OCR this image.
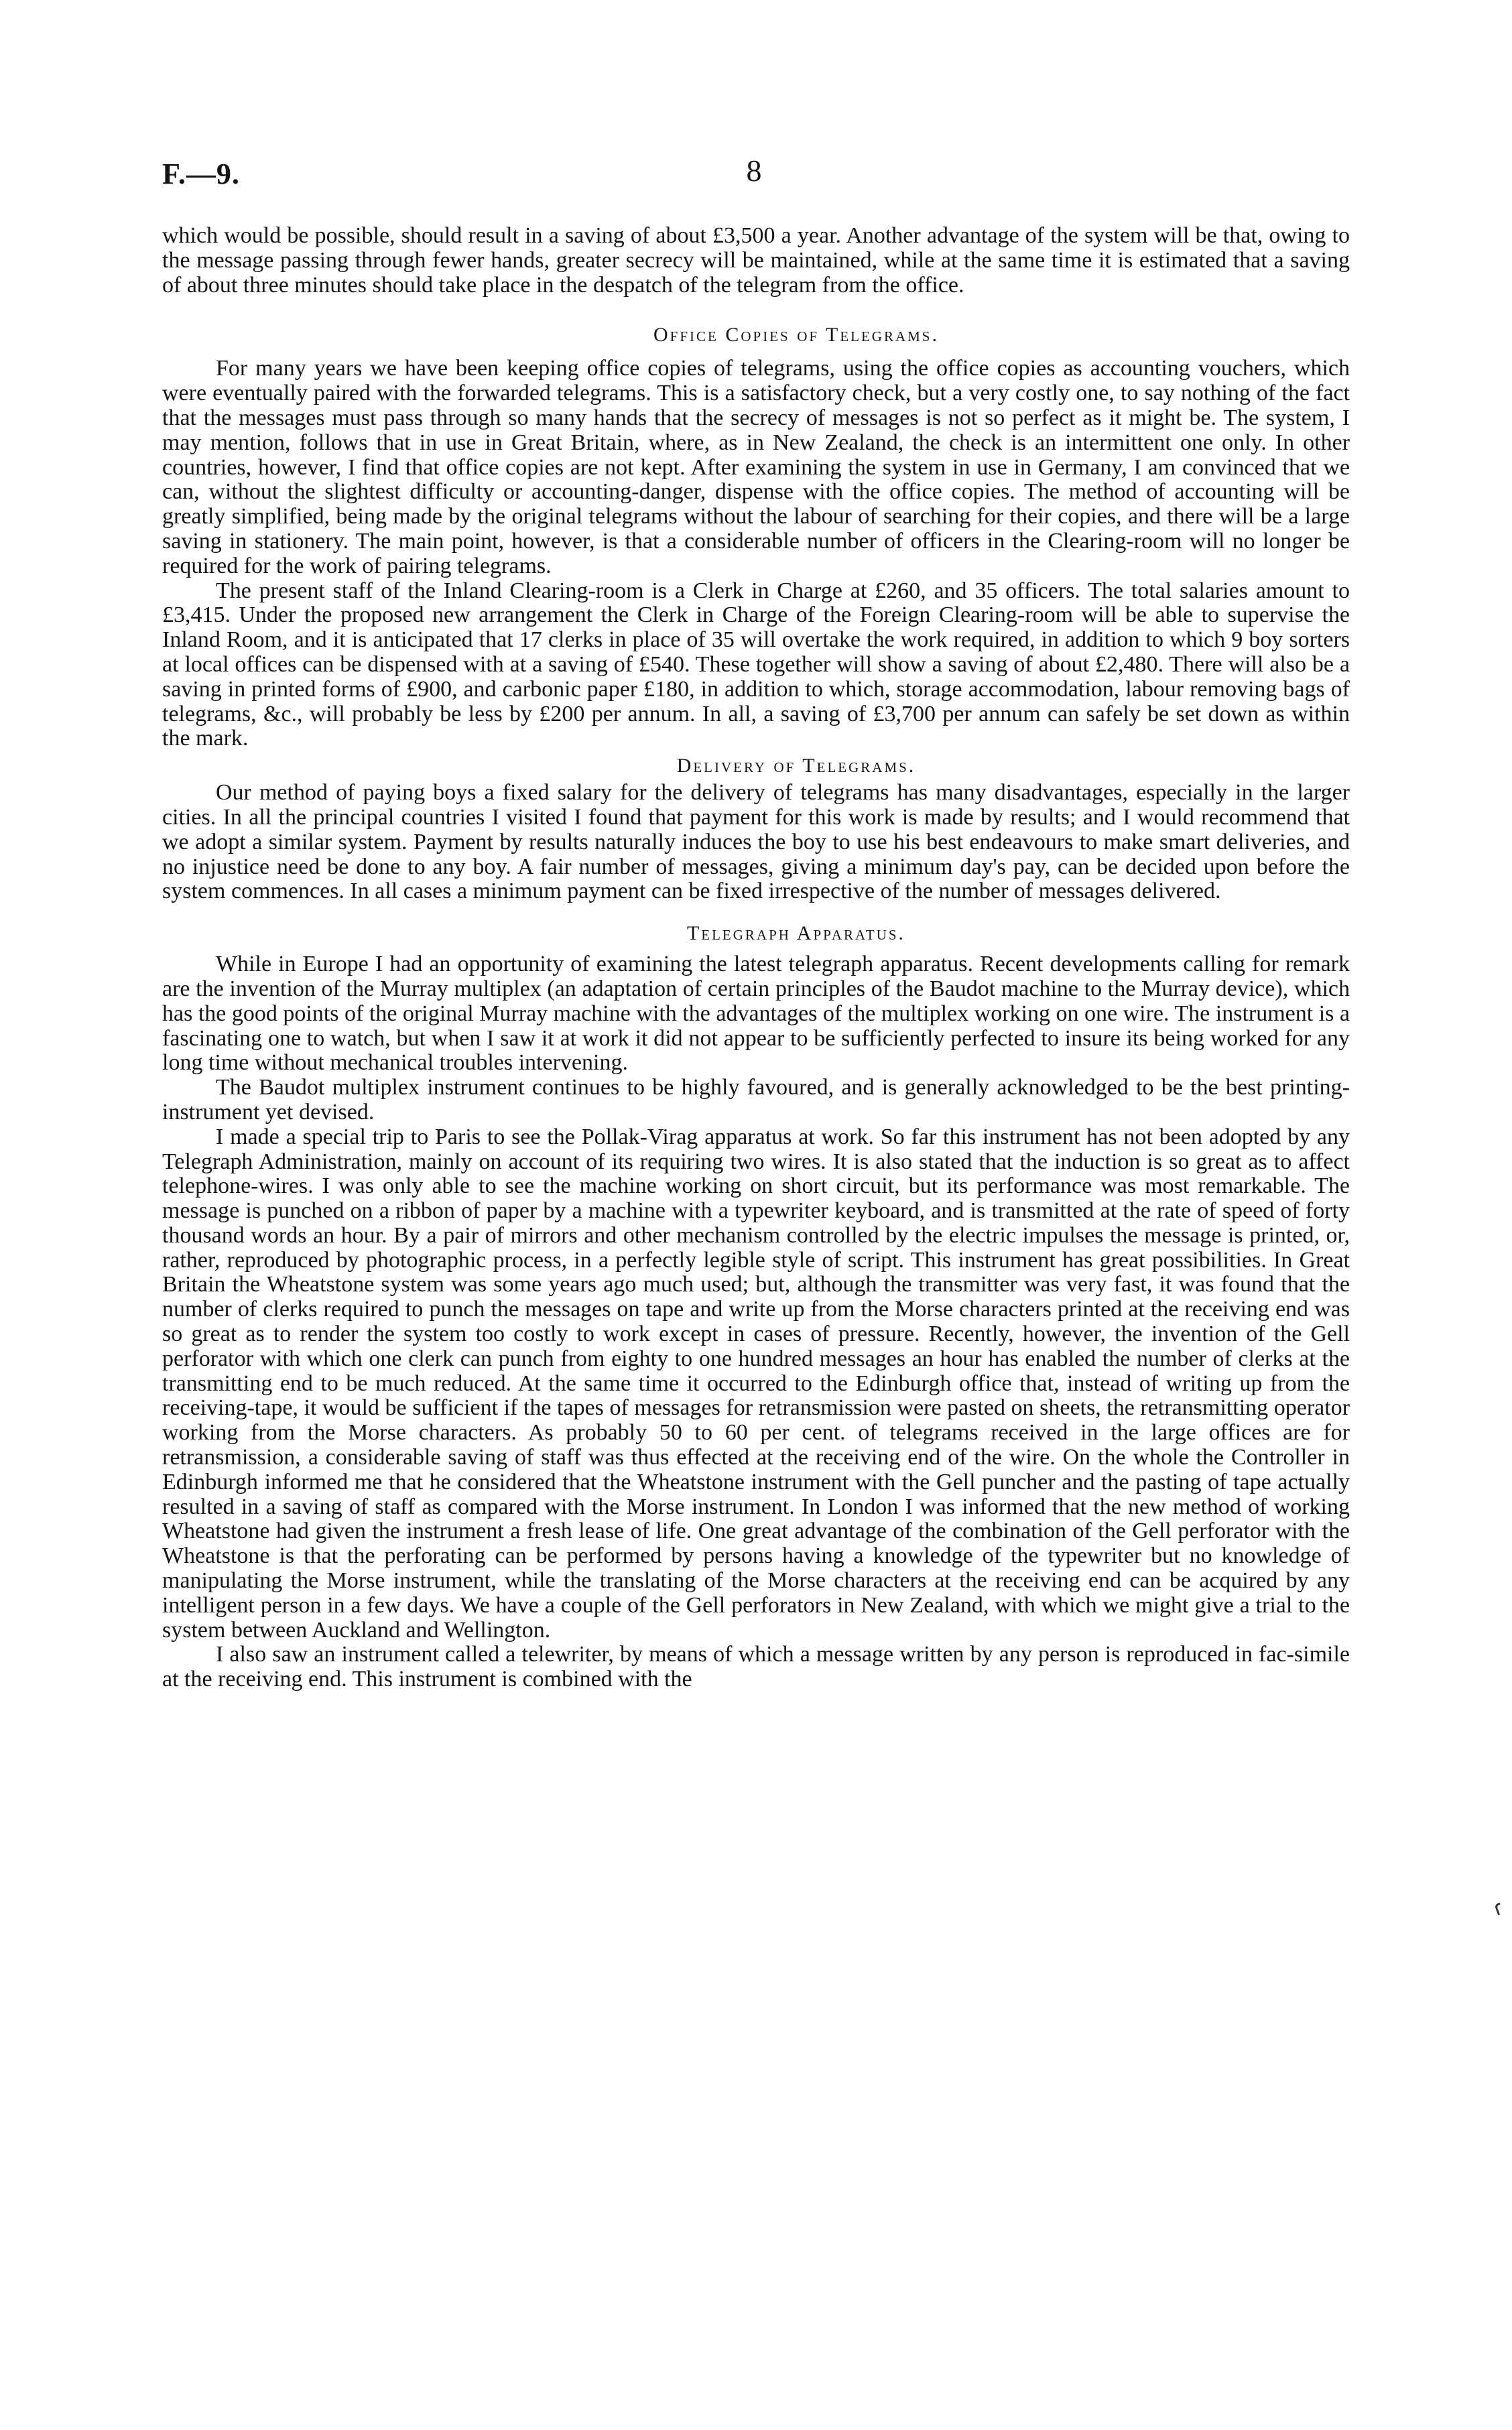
F.—9.	8

which would be possible, should result in a saving of about £3,500 a year. Another advantage of the system will be that, owing to the message passing through fewer hands, greater secrecy will be maintained, while at the same time it is estimated that a saving of about three minutes should take place in the despatch of the telegram from the office.

Office Copies of Telegrams.

For many years we have been keeping office copies of telegrams, using the office copies as accounting vouchers, which were eventually paired with the forwarded telegrams. This is a satisfactory check, but a very costly one, to say nothing of the fact that the messages must pass through so many hands that the secrecy of messages is not so perfect as it might be. The system, I may mention, follows that in use in Great Britain, where, as in New Zealand, the check is an intermittent one only. In other countries, however, I find that office copies are not kept. After examining the system in use in Germany, I am convinced that we can, without the slightest difficulty or accounting-danger, dispense with the office copies. The method of accounting will be greatly simplified, being made by the original telegrams without the labour of searching for their copies, and there will be a large saving in stationery. The main point, however, is that a considerable number of officers in the Clearing-room will no longer be required for the work of pairing telegrams.

The present staff of the Inland Clearing-room is a Clerk in Charge at £260, and 35 officers. The total salaries amount to £3,415. Under the proposed new arrangement the Clerk in Charge of the Foreign Clearing-room will be able to supervise the Inland Room, and it is anticipated that 17 clerks in place of 35 will overtake the work required, in addition to which 9 boy sorters at local offices can be dispensed with at a saving of £540. These together will show a saving of about £2,480. There will also be a saving in printed forms of £900, and carbonic paper £180, in addition to which, storage accommodation, labour removing bags of telegrams, &c., will probably be less by £200 per annum. In all, a saving of £3,700 per annum can safely be set down as within the mark.

Delivery of Telegrams.

Our method of paying boys a fixed salary for the delivery of telegrams has many disadvantages, especially in the larger cities. In all the principal countries I visited I found that payment for this work is made by results; and I would recommend that we adopt a similar system. Payment by results naturally induces the boy to use his best endeavours to make smart deliveries, and no injustice need be done to any boy. A fair number of messages, giving a minimum day's pay, can be decided upon before the system commences. In all cases a minimum payment can be fixed irrespective of the number of messages delivered.

Telegraph Apparatus.

While in Europe I had an opportunity of examining the latest telegraph apparatus. Recent developments calling for remark are the invention of the Murray multiplex (an adaptation of certain principles of the Baudot machine to the Murray device), which has the good points of the original Murray machine with the advantages of the multiplex working on one wire. The instrument is a fascinating one to watch, but when I saw it at work it did not appear to be sufficiently perfected to insure its being worked for any long time without mechanical troubles intervening.

The Baudot multiplex instrument continues to be highly favoured, and is generally acknowledged to be the best printing-instrument yet devised.

I made a special trip to Paris to see the Pollak-Virag apparatus at work. So far this instrument has not been adopted by any Telegraph Administration, mainly on account of its requiring two wires. It is also stated that the induction is so great as to affect telephone-wires. I was only able to see the machine working on short circuit, but its performance was most remarkable. The message is punched on a ribbon of paper by a machine with a typewriter keyboard, and is transmitted at the rate of speed of forty thousand words an hour. By a pair of mirrors and other mechanism controlled by the electric impulses the message is printed, or, rather, reproduced by photographic process, in a perfectly legible style of script. This instrument has great possibilities. In Great Britain the Wheatstone system was some years ago much used; but, although the transmitter was very fast, it was found that the number of clerks required to punch the messages on tape and write up from the Morse characters printed at the receiving end was so great as to render the system too costly to work except in cases of pressure. Recently, however, the invention of the Gell perforator with which one clerk can punch from eighty to one hundred messages an hour has enabled the number of clerks at the transmitting end to be much reduced. At the same time it occurred to the Edinburgh office that, instead of writing up from the receiving-tape, it would be sufficient if the tapes of messages for retransmission were pasted on sheets, the retransmitting operator working from the Morse characters. As probably 50 to 60 per cent. of telegrams received in the large offices are for retransmission, a considerable saving of staff was thus effected at the receiving end of the wire. On the whole the Controller in Edinburgh informed me that he considered that the Wheatstone instrument with the Gell puncher and the pasting of tape actually resulted in a saving of staff as compared with the Morse instrument. In London I was informed that the new method of working Wheatstone had given the instrument a fresh lease of life. One great advantage of the combination of the Gell perforator with the Wheatstone is that the perforating can be performed by persons having a knowledge of the typewriter but no knowledge of manipulating the Morse instrument, while the translating of the Morse characters at the receiving end can be acquired by any intelligent person in a few days. We have a couple of the Gell perforators in New Zealand, with which we might give a trial to the system between Auckland and Wellington.

I also saw an instrument called a telewriter, by means of which a message written by any person is reproduced in fac-simile at the receiving end. This instrument is combined with the
